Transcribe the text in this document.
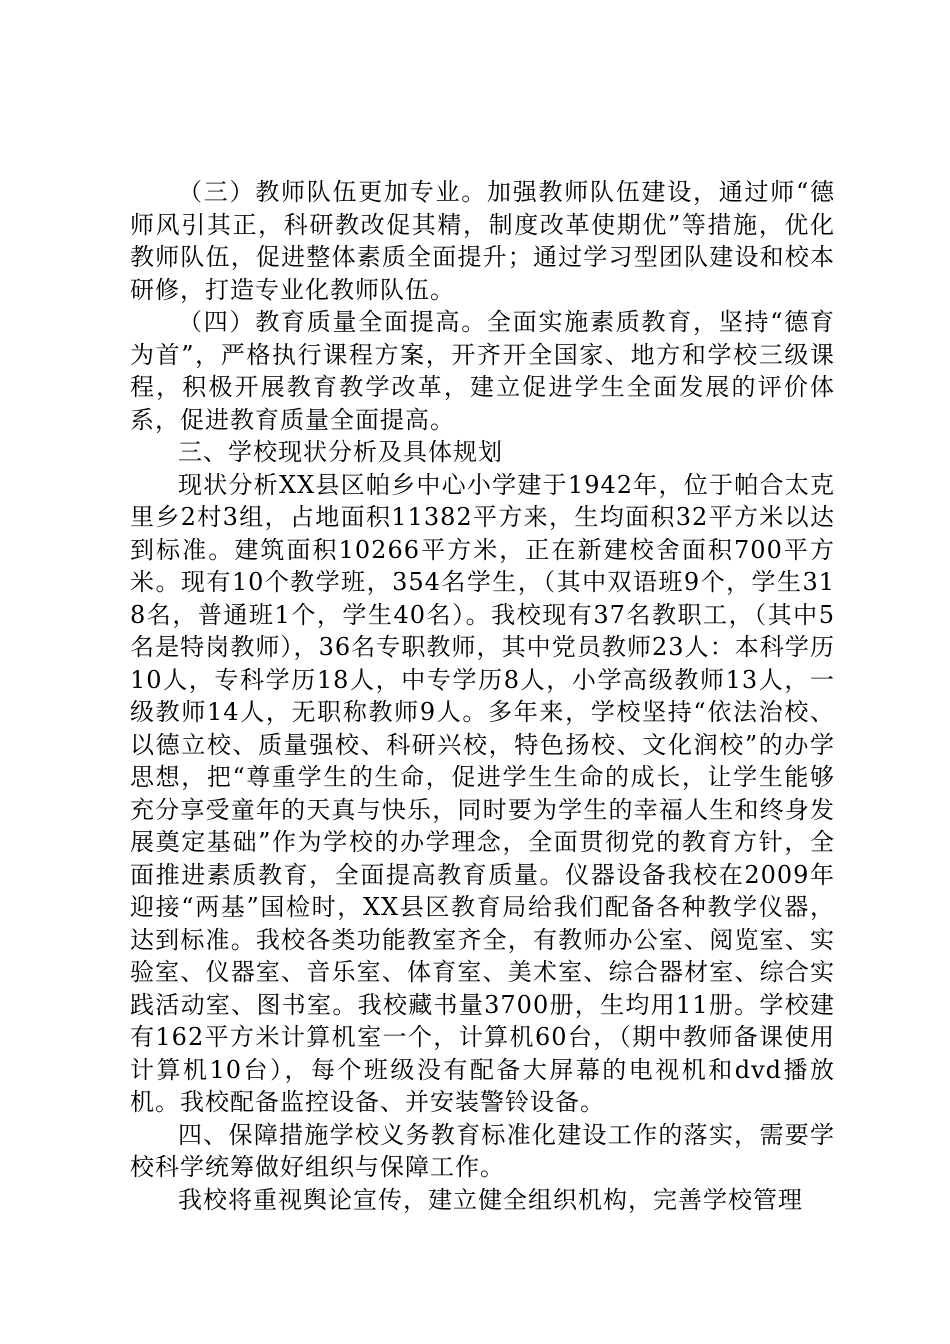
（三）教师队伍更加专业。加强教师队伍建设，通过师“德师风引其正，科研教改促其精，制度改革使期优”等措施，优化教师队伍，促进整体素质全面提升；通过学习型团队建设和校本研修，打造专业化教师队伍。

（四）教育质量全面提高。全面实施素质教育，坚持“德育为首”，严格执行课程方案，开齐开全国家、地方和学校三级课程，积极开展教育教学改革，建立促进学生全面发展的评价体系，促进教育质量全面提高。

三、学校现状分析及具体规划

现状分析XX县区帕乡中心小学建于1942年，位于帕合太克里乡2村3组，占地面积11382平方来，生均面积32平方米以达到标准。建筑面积10266平方米，正在新建校舍面积700平方米。现有10个教学班，354名学生，（其中双语班9个，学生318名，普通班1个，学生40名）。我校现有37名教职工，（其中5名是特岗教师），36名专职教师，其中党员教师23人：本科学历10人，专科学历18人，中专学历8人，小学高级教师13人，一级教师14人，无职称教师9人。多年来，学校坚持“依法治校、以德立校、质量强校、科研兴校，特色扬校、文化润校”的办学思想，把“尊重学生的生命，促进学生生命的成长，让学生能够充分享受童年的天真与快乐，同时要为学生的幸福人生和终身发展奠定基础”作为学校的办学理念，全面贯彻党的教育方针，全面推进素质教育，全面提高教育质量。仪器设备我校在2009年迎接“两基”国检时，XX县区教育局给我们配备各种教学仪器，达到标准。我校各类功能教室齐全，有教师办公室、阅览室、实验室、仪器室、音乐室、体育室、美术室、综合器材室、综合实践活动室、图书室。我校藏书量3700册，生均用11册。学校建有162平方米计算机室一个，计算机60台，（期中教师备课使用计算机10台），每个班级没有配备大屏幕的电视机和dvd播放机。我校配备监控设备、并安装警铃设备。

四、保障措施学校义务教育标准化建设工作的落实，需要学校科学统筹做好组织与保障工作。

我校将重视舆论宣传，建立健全组织机构，完善学校管理
